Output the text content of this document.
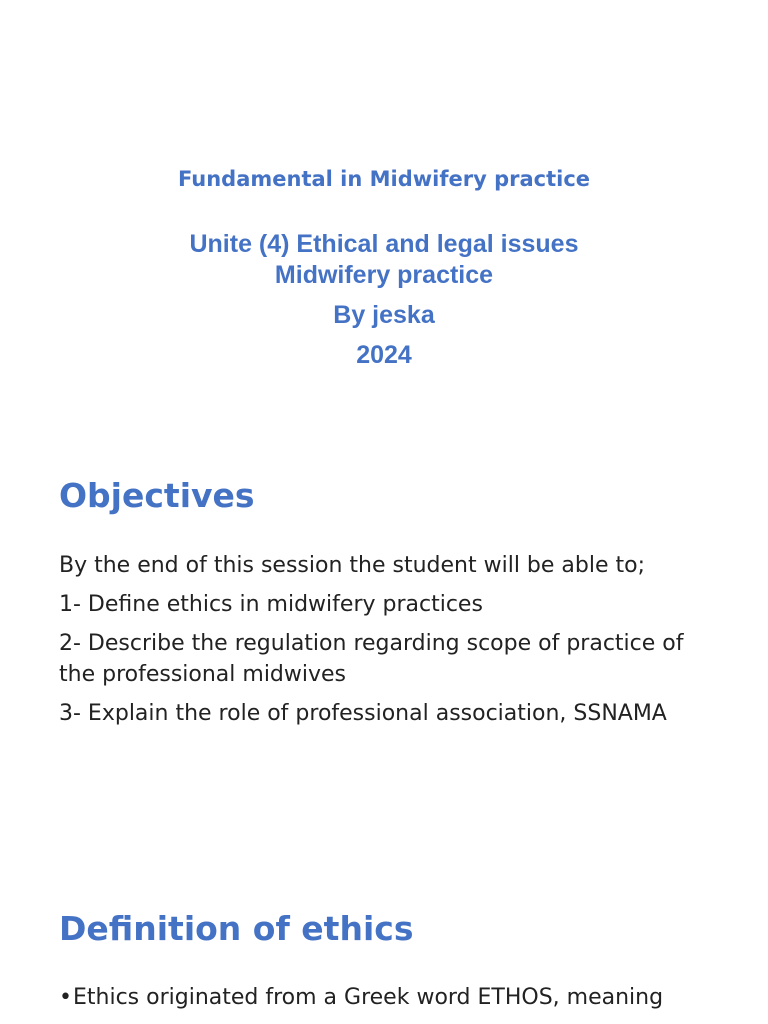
Fundamental in Midwifery practice
Unite (4) Ethical and legal issues
Midwifery practice
By jeska
2024
Objectives
By the end of this session the student will be able to;
1- Define ethics in midwifery practices
2- Describe the regulation regarding scope of practice of the professional midwives
3- Explain the role of professional association, SSNAMA
Definition of ethics
• Ethics originated from a Greek word ETHOS, meaning
